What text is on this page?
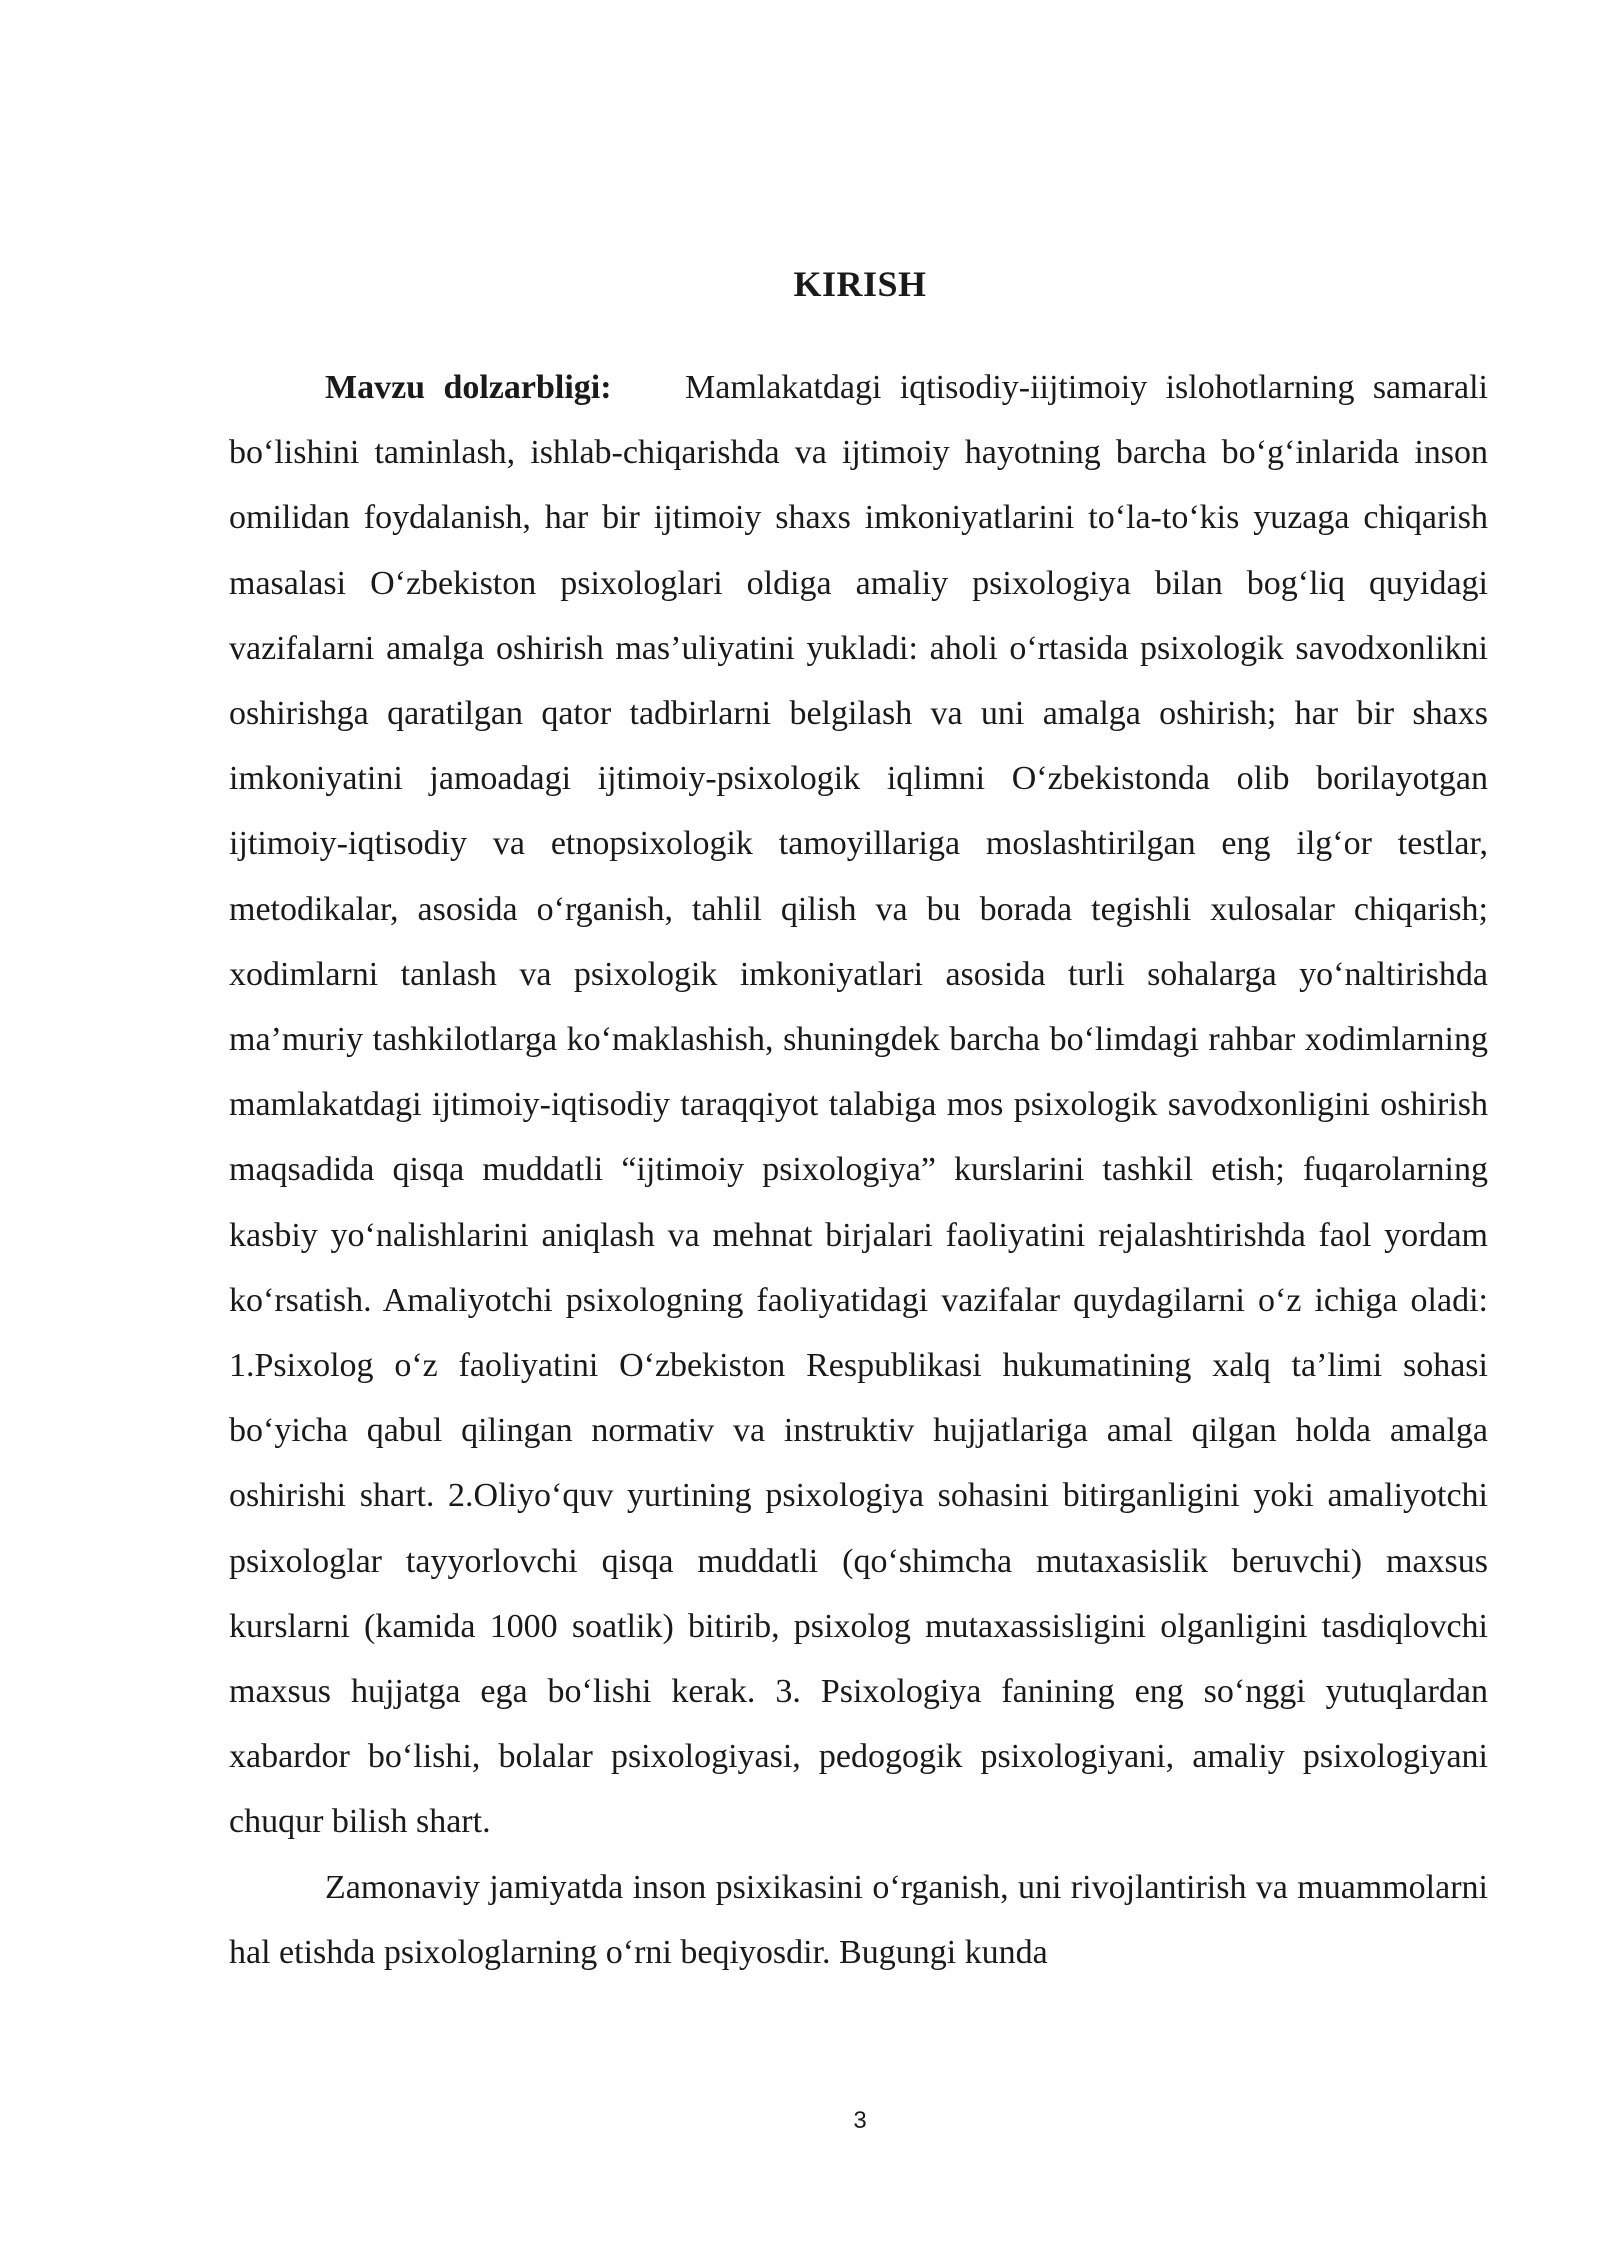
KIRISH

Mavzu dolzarbligi: Mamlakatdagi iqtisodiy-iijtimoiy islohotlarning samarali bo‘lishini taminlash, ishlab-chiqarishda va ijtimoiy hayotning barcha bo‘g‘inlarida inson omilidan foydalanish, har bir ijtimoiy shaxs imkoniyatlarini to‘la-to‘kis yuzaga chiqarish masalasi O‘zbekiston psixologlari oldiga amaliy psixologiya bilan bog‘liq quyidagi vazifalarni amalga oshirish mas’uliyatini yukladi: aholi o‘rtasida psixologik savodxonlikni oshirishga qaratilgan qator tadbirlarni belgilash va uni amalga oshirish; har bir shaxs imkoniyatini jamoadagi ijtimoiy-psixologik iqlimni O‘zbekistonda olib borilayotgan ijtimoiy-iqtisodiy va etnopsixologik tamoyillariga moslashtirilgan eng ilg‘or testlar, metodikalar, asosida o‘rganish, tahlil qilish va bu borada tegishli xulosalar chiqarish; xodimlarni tanlash va psixologik imkoniyatlari asosida turli sohalarga yo‘naltirishda ma’muriy tashkilotlarga ko‘maklashish, shuningdek barcha bo‘limdagi rahbar xodimlarning mamlakatdagi ijtimoiy-iqtisodiy taraqqiyot talabiga mos psixologik savodxonligini oshirish maqsadida qisqa muddatli “ijtimoiy psixologiya” kurslarini tashkil etish; fuqarolarning kasbiy yo‘nalishlarini aniqlash va mehnat birjalari faoliyatini rejalashtirishda faol yordam ko‘rsatish. Amaliyotchi psixologning faoliyatidagi vazifalar quydagilarni o‘z ichiga oladi: 1.Psixolog o‘z faoliyatini O‘zbekiston Respublikasi hukumatining xalq ta’limi sohasi bo‘yicha qabul qilingan normativ va instruktiv hujjatlariga amal qilgan holda amalga oshirishi shart. 2.Oliyo‘quv yurtining psixologiya sohasini bitirganligini yoki amaliyotchi psixologlar tayyorlovchi qisqa muddatli (qo‘shimcha mutaxasislik beruvchi) maxsus kurslarni (kamida 1000 soatlik) bitirib, psixolog mutaxassisligini olganligini tasdiqlovchi maxsus hujjatga ega bo‘lishi kerak. 3. Psixologiya fanining eng so‘nggi yutuqlardan xabardor bo‘lishi, bolalar psixologiyasi, pedogogik psixologiyani, amaliy psixologiyani chuqur bilish shart.

Zamonaviy jamiyatda inson psixikasini o‘rganish, uni rivojlantirish va muammolarni hal etishda psixologlarning o‘rni beqiyosdir. Bugungi kunda

3
